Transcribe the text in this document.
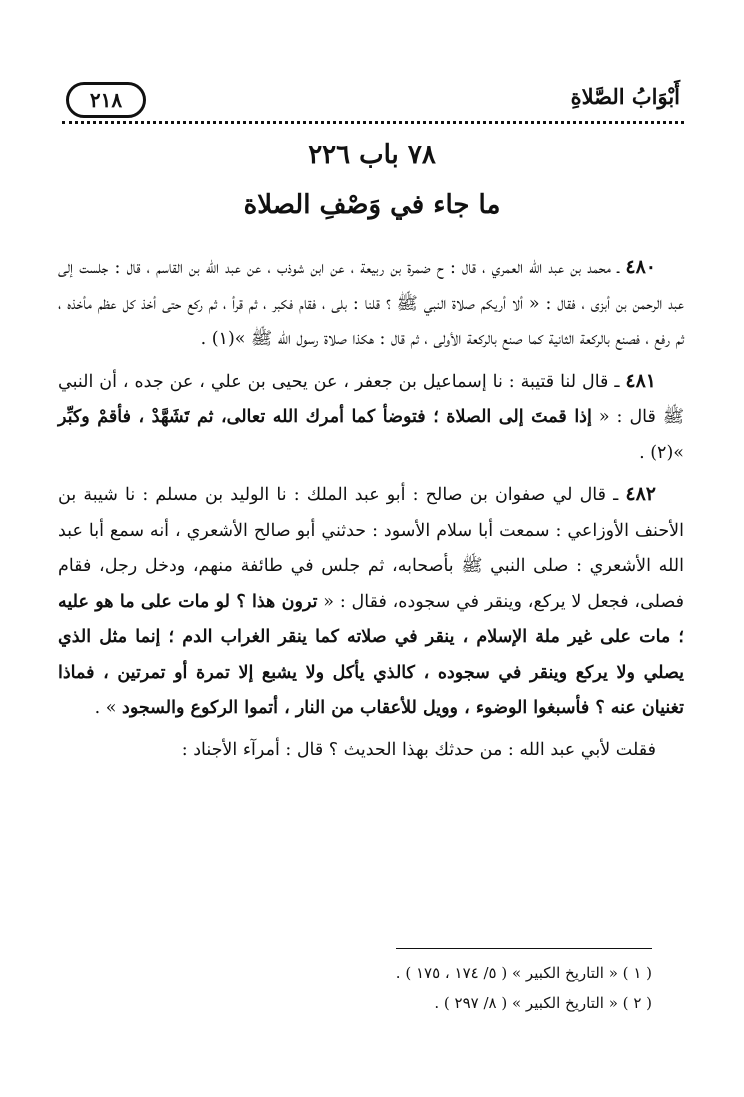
أَبْوَابُ الصَّلاةِ
٢١٨
٧٨ باب ٢٢٦
ما جاء في وَصْفِ الصلاة

٤٨٠ ـ محمد بن عبد الله العمري ، قال : ح ضمرة بن ربيعة ، عن ابن شوذب ، عن عبد الله بن القاسم ، قال : جلست إلى عبد الرحمن بن أبزى ، فقال : « ألا أريكم صلاة النبي ﷺ ؟ قلنا : بلى ، فقام فكبر ، ثم قرأ ، ثم ركع حتى أخذ كل عظم مأخذه ، ثم رفع ، فصنع بالركعة الثانية كما صنع بالركعة الأولى ، ثم قال : هكذا صلاة رسول الله ﷺ »(١) .

٤٨١ ـ قال لنا قتيبة : نا إسماعيل بن جعفر ، عن يحيى بن علي ، عن جده ، أن النبي ﷺ قال : « إذا قمتَ إلى الصلاة ؛ فتوضأ كما أمرك الله تعالى، ثم تَشَهَّدْ ، فأقمْ وكبِّر »(٢) .

٤٨٢ ـ قال لي صفوان بن صالح : أبو عبد الملك : نا الوليد بن مسلم : نا شيبة بن الأحنف الأوزاعي : سمعت أبا سلام الأسود : حدثني أبو صالح الأشعري ، أنه سمع أبا عبد الله الأشعري : صلى النبي ﷺ بأصحابه، ثم جلس في طائفة منهم، ودخل رجل، فقام فصلى، فجعل لا يركع، وينقر في سجوده، فقال : « ترون هذا ؟ لو مات على ما هو عليه ؛ مات على غير ملة الإسلام ، ينقر في صلاته كما ينقر الغراب الدم ؛ إنما مثل الذي يصلي ولا يركع وينقر في سجوده ، كالذي يأكل ولا يشبع إلا تمرة أو تمرتين ، فماذا تغنيان عنه ؟ فأسبغوا الوضوء ، وويل للأعقاب من النار ، أتموا الركوع والسجود » .

فقلت لأبي عبد الله : من حدثك بهذا الحديث ؟ قال : أمرآء الأجناد :

( ١ ) « التاريخ الكبير » ( ٥/ ١٧٤ ، ١٧٥ ) .

( ٢ ) « التاريخ الكبير » ( ٨/ ٢٩٧ ) .
